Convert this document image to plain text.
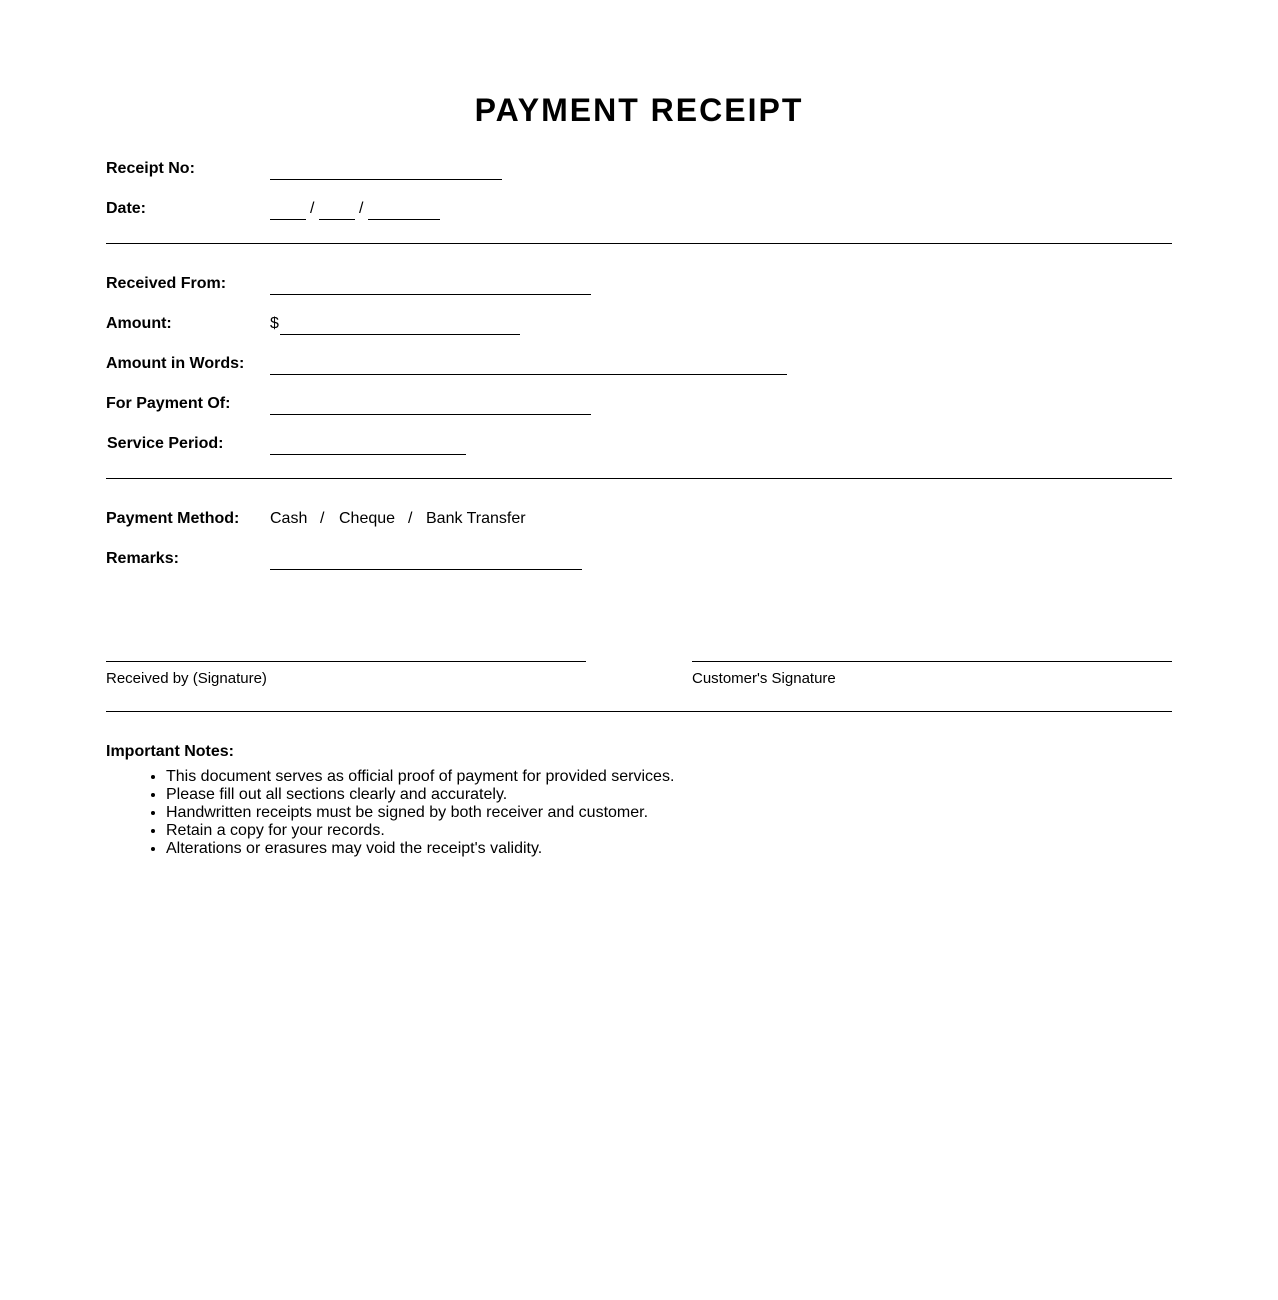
PAYMENT RECEIPT
Receipt No:
Date:	/	/
Received From:
Amount:	$
Amount in Words:
For Payment Of:
Service Period:
Payment Method: Cash / Cheque / Bank Transfer
Remarks:
Received by (Signature)	Customer's Signature
Important Notes:
• This document serves as official proof of payment for provided services.
• Please fill out all sections clearly and accurately.
• Handwritten receipts must be signed by both receiver and customer.
• Retain a copy for your records.
• Alterations or erasures may void the receipt's validity.
